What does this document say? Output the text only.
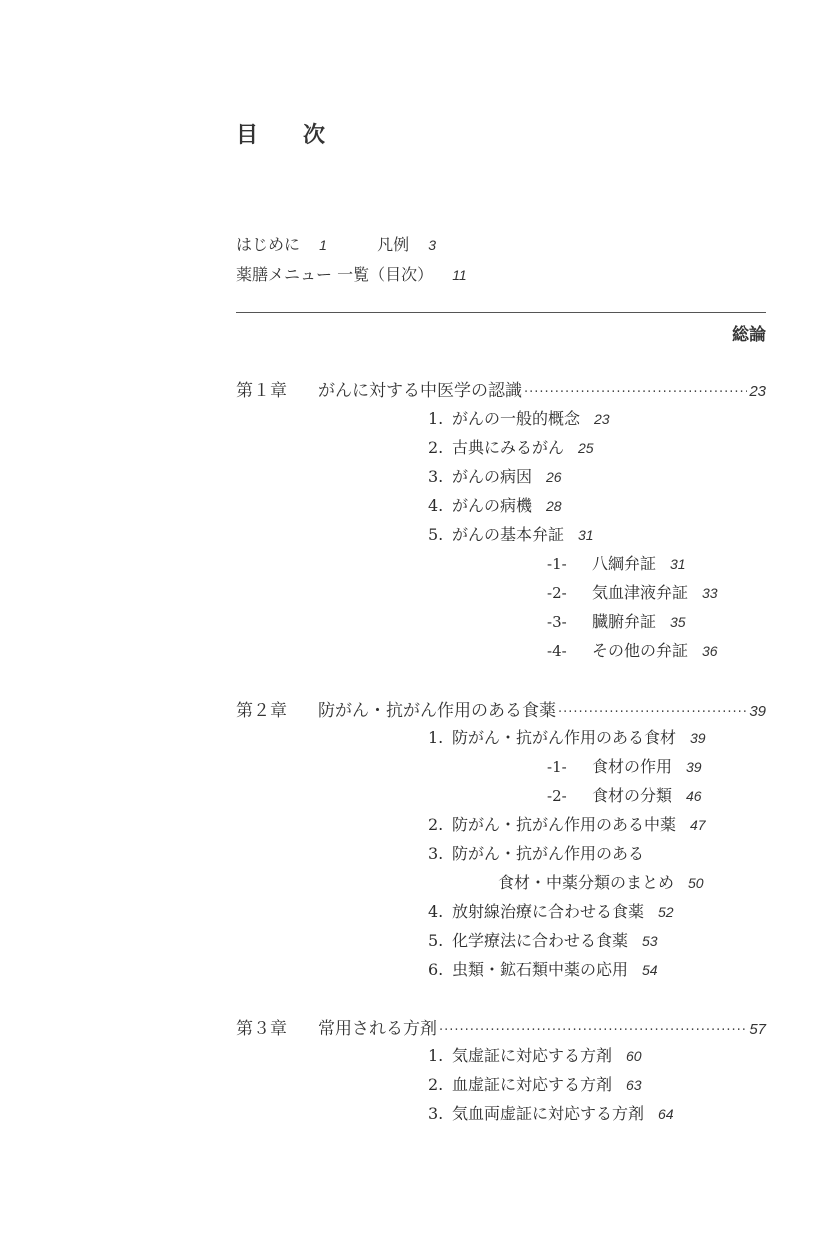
目 次
はじめに 1	凡例 3
薬膳メニュー 一覧（目次） 11
総論
第１章	がんに対する中医学の認識 ·····	23
1. がんの一般的概念 23
2. 古典にみるがん 25
3. がんの病因 26
4. がんの病機 28
5. がんの基本弁証 31
-1- 八綱弁証 31
-2- 気血津液弁証 33
-3- 臓腑弁証 35
-4- その他の弁証 36
第２章	防がん・抗がん作用のある食薬 ·····	39
1. 防がん・抗がん作用のある食材 39
-1- 食材の作用 39
-2- 食材の分類 46
2. 防がん・抗がん作用のある中薬 47
3. 防がん・抗がん作用のある
食材・中薬分類のまとめ 50
4. 放射線治療に合わせる食薬 52
5. 化学療法に合わせる食薬 53
6. 虫類・鉱石類中薬の応用 54
第３章	常用される方剤 ·····	57
1. 気虚証に対応する方剤 60
2. 血虚証に対応する方剤 63
3. 気血両虚証に対応する方剤 64
